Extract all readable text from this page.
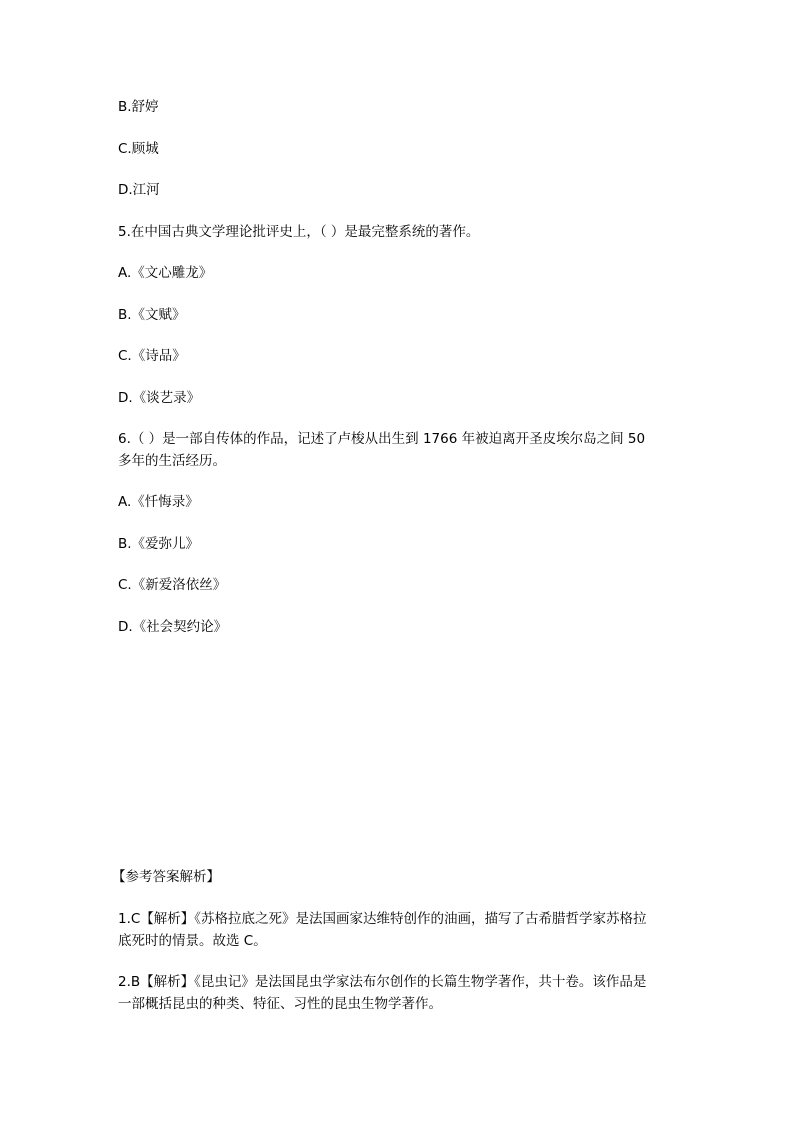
B.舒婷
C.顾城
D.江河
5.在中国古典文学理论批评史上，（ ）是最完整系统的著作。
A.《文心雕龙》
B.《文赋》
C.《诗品》
D.《谈艺录》
6.（ ）是一部自传体的作品，记述了卢梭从出生到 1766 年被迫离开圣皮埃尔岛之间 50
多年的生活经历。
A.《忏悔录》
B.《爱弥儿》
C.《新爱洛依丝》
D.《社会契约论》
【参考答案解析】
1.C【解析】《苏格拉底之死》是法国画家达维特创作的油画，描写了古希腊哲学家苏格拉
底死时的情景。故选 C。
2.B【解析】《昆虫记》是法国昆虫学家法布尔创作的长篇生物学著作，共十卷。该作品是
一部概括昆虫的种类、特征、习性的昆虫生物学著作。
